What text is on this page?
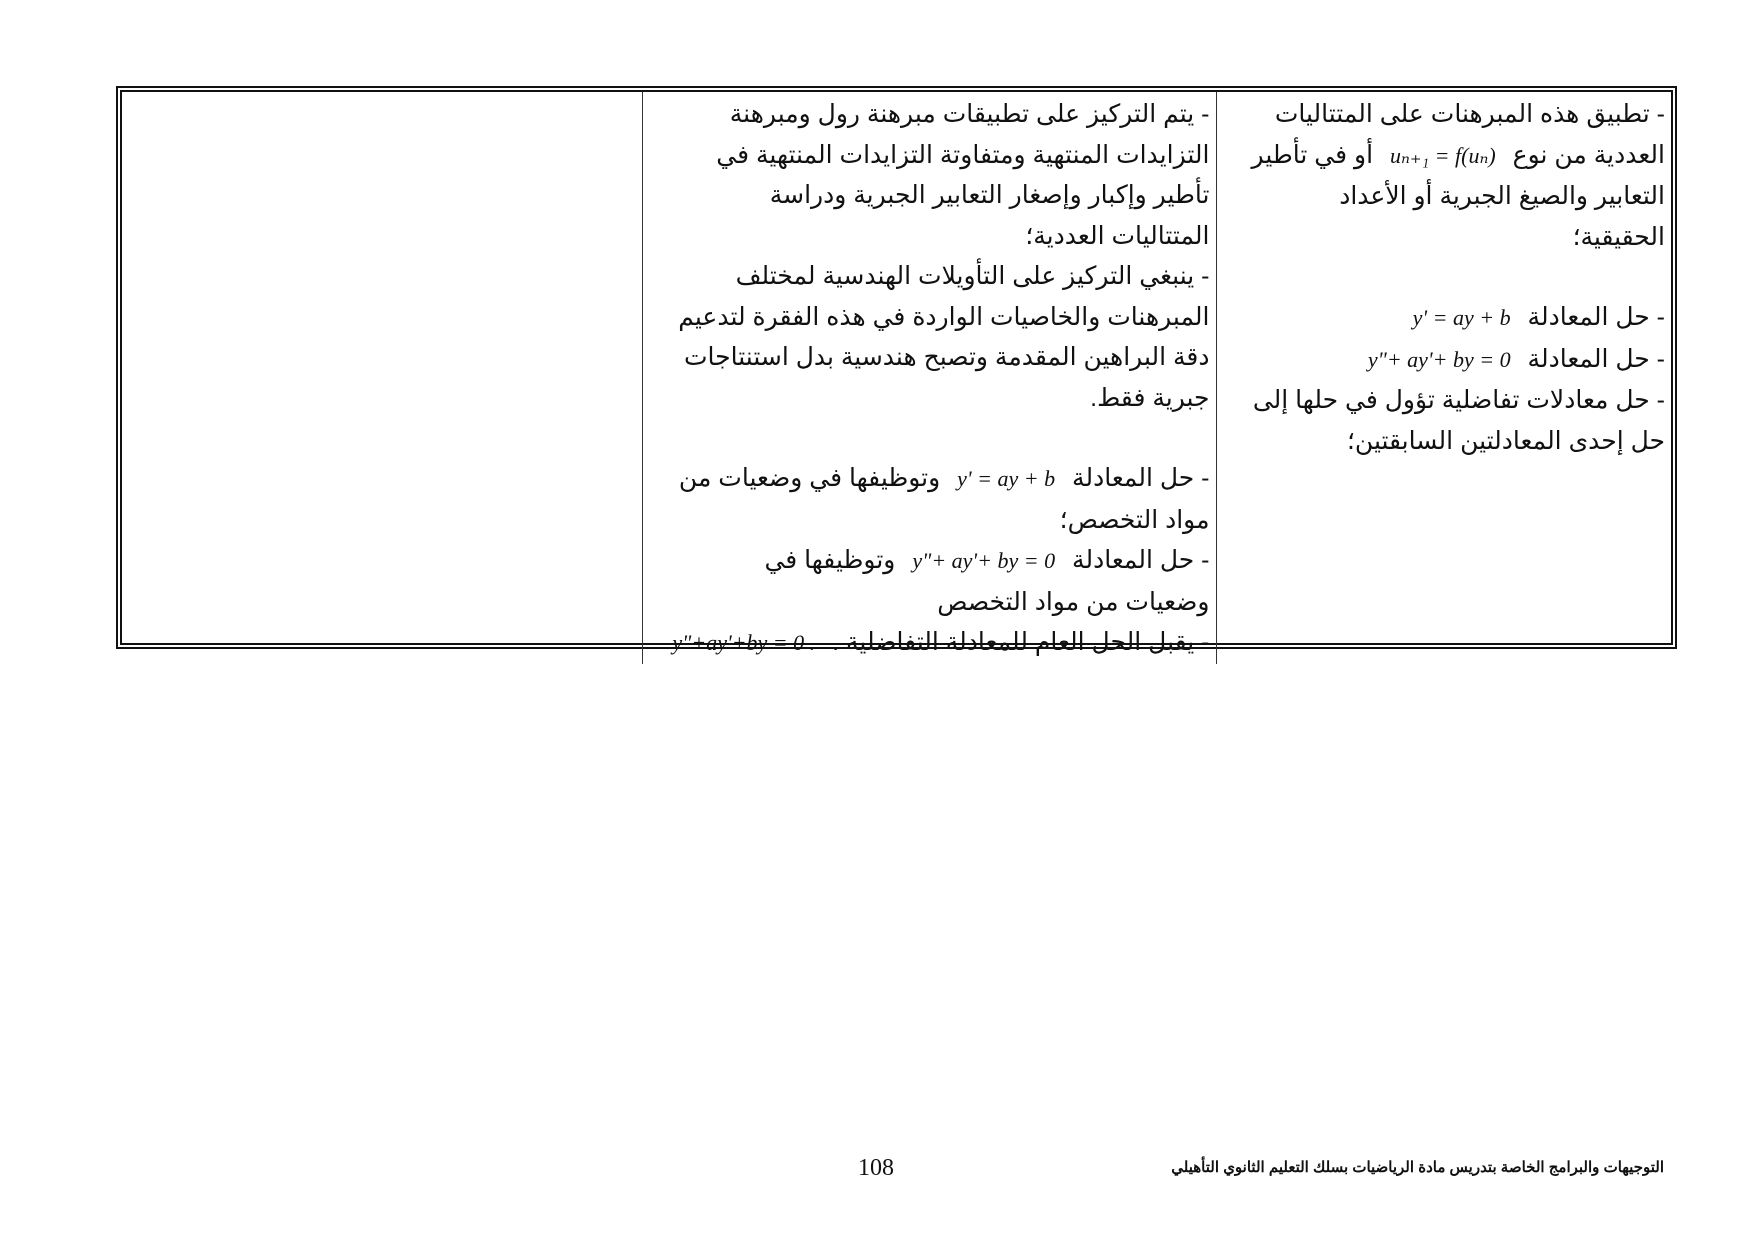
- تطبيق هذه المبرهنات على المتتاليات
العددية من نوع uₙ₊₁ = f(uₙ) أو في تأطير
التعابير والصيغ الجبرية أو الأعداد
الحقيقية؛
- حل المعادلة y' = ay + b
- حل المعادلة y"+ ay'+ by = 0
- حل معادلات تفاضلية تؤول في حلها إلى
حل إحدى المعادلتين السابقتين؛

- يتم التركيز على تطبيقات مبرهنة رول ومبرهنة
التزايدات المنتهية ومتفاوتة التزايدات المنتهية في
تأطير وإكبار وإصغار التعابير الجبرية ودراسة
المتتاليات العددية؛
- ينبغي التركيز على التأويلات الهندسية لمختلف
المبرهنات والخاصيات الواردة في هذه الفقرة لتدعيم
دقة البراهين المقدمة وتصبح هندسية بدل استنتاجات
جبرية فقط.
- حل المعادلة y' = ay + b وتوظيفها في وضعيات من
مواد التخصص؛
- حل المعادلة y"+ ay'+ by = 0 وتوظيفها في
وضعيات من مواد التخصص
- يقبل الحل العام للمعادلة التفاضلية . y"+ay'+by = 0 .

108	التوجيهات والبرامج الخاصة بتدريس مادة الرياضيات بسلك التعليم الثانوي التأهيلي
